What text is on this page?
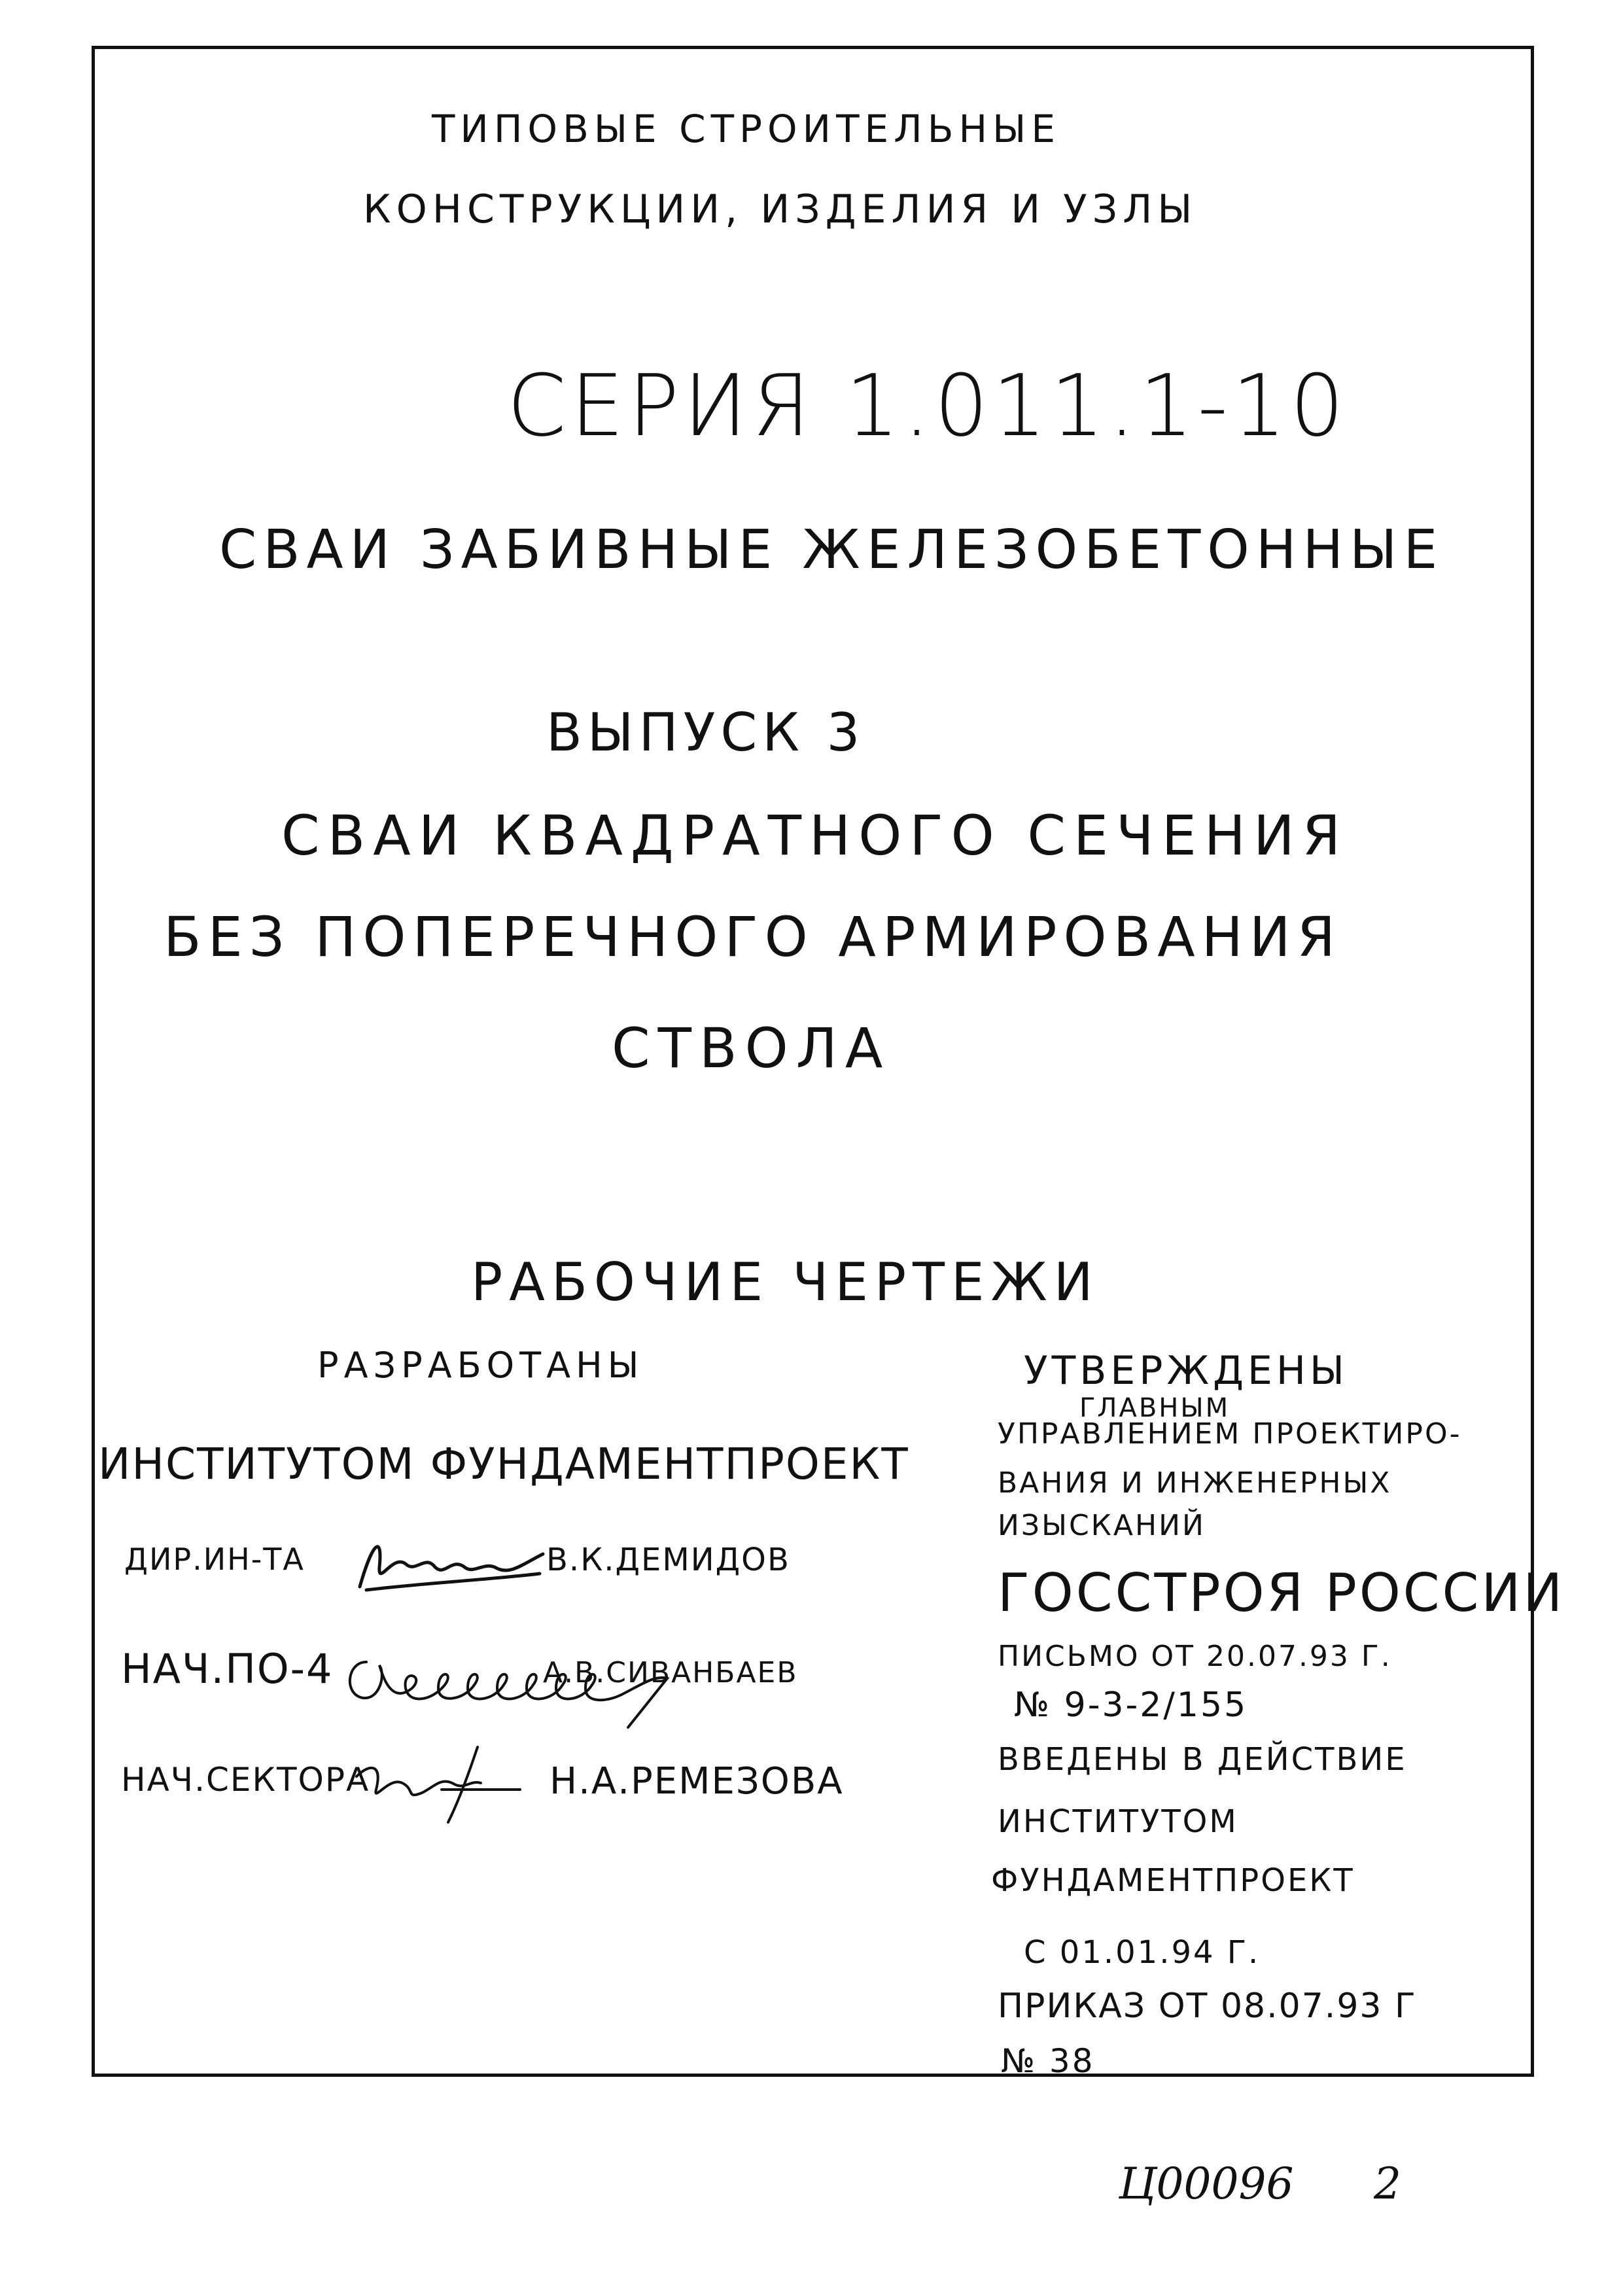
ТИПОВЫЕ СТРОИТЕЛЬНЫЕ
КОНСТРУКЦИИ, ИЗДЕЛИЯ И УЗЛЫ
СЕРИЯ 1.011.1-10
СВАИ ЗАБИВНЫЕ ЖЕЛЕЗОБЕТОННЫЕ
ВЫПУСК 3
СВАИ КВАДРАТНОГО СЕЧЕНИЯ
БЕЗ ПОПЕРЕЧНОГО АРМИРОВАНИЯ
СТВОЛА
РАБОЧИЕ ЧЕРТЕЖИ
РАЗРАБОТАНЫ
ИНСТИТУТОМ ФУНДАМЕНТПРОЕКТ
ДИР.ИН-ТА	В.К.ДЕМИДОВ
НАЧ.ПО-4	А.В.СИВАНБАЕВ
НАЧ.СЕКТОРА	Н.А.РЕМЕЗОВА
УТВЕРЖДЕНЫ
ГЛАВНЫМ
УПРАВЛЕНИЕМ ПРОЕКТИРО-
ВАНИЯ И ИНЖЕНЕРНЫХ
ИЗЫСКАНИЙ
ГОССТРОЯ РОССИИ
ПИСЬМО ОТ 20.07.93 Г.
№ 9-3-2/155
ВВЕДЕНЫ В ДЕЙСТВИЕ
ИНСТИТУТОМ
ФУНДАМЕНТПРОЕКТ
С 01.01.94 Г.
ПРИКАЗ ОТ 08.07.93 Г
№ 38
Ц00096 2
